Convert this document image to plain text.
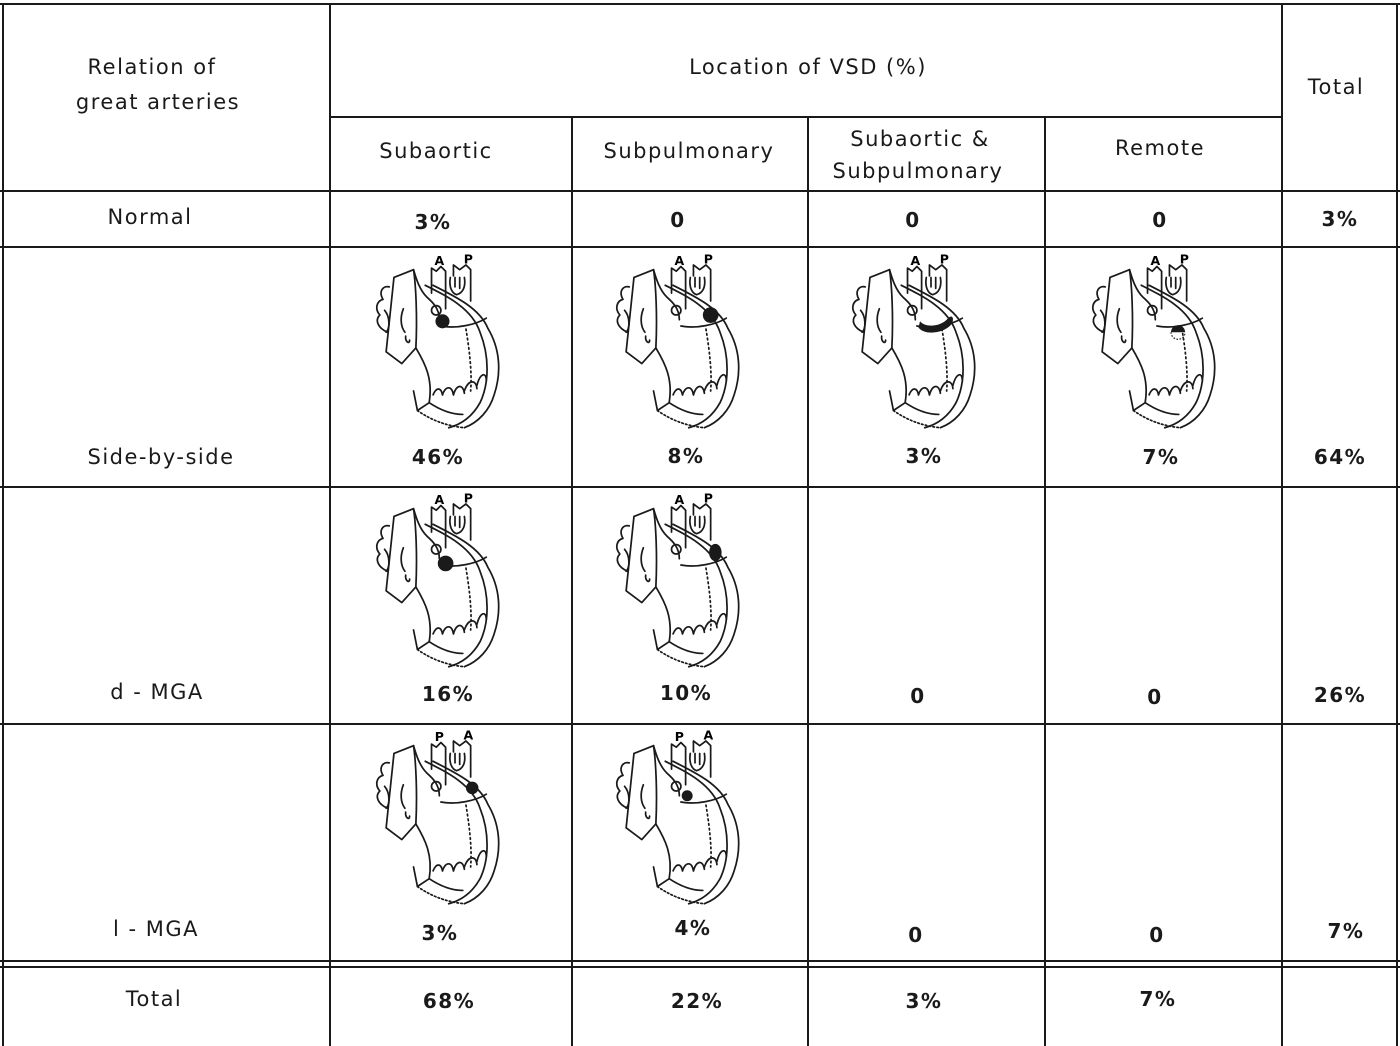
Relation of
great arteries
Location of VSD (%)
Total
Subaortic	Subpulmonary	Subaortic &
Subpulmonary
Remote
Normal	3%	0	0	0	3%
Side-by-side	46%	8%	3%	7%	64%
d - MGA	16%	10%	0	0	26%
l - MGA	3%	4%	0	0	7%
Total	68%	22%	3%	7%
A P	A P	A P	A P
A P	A P
P A	P A
